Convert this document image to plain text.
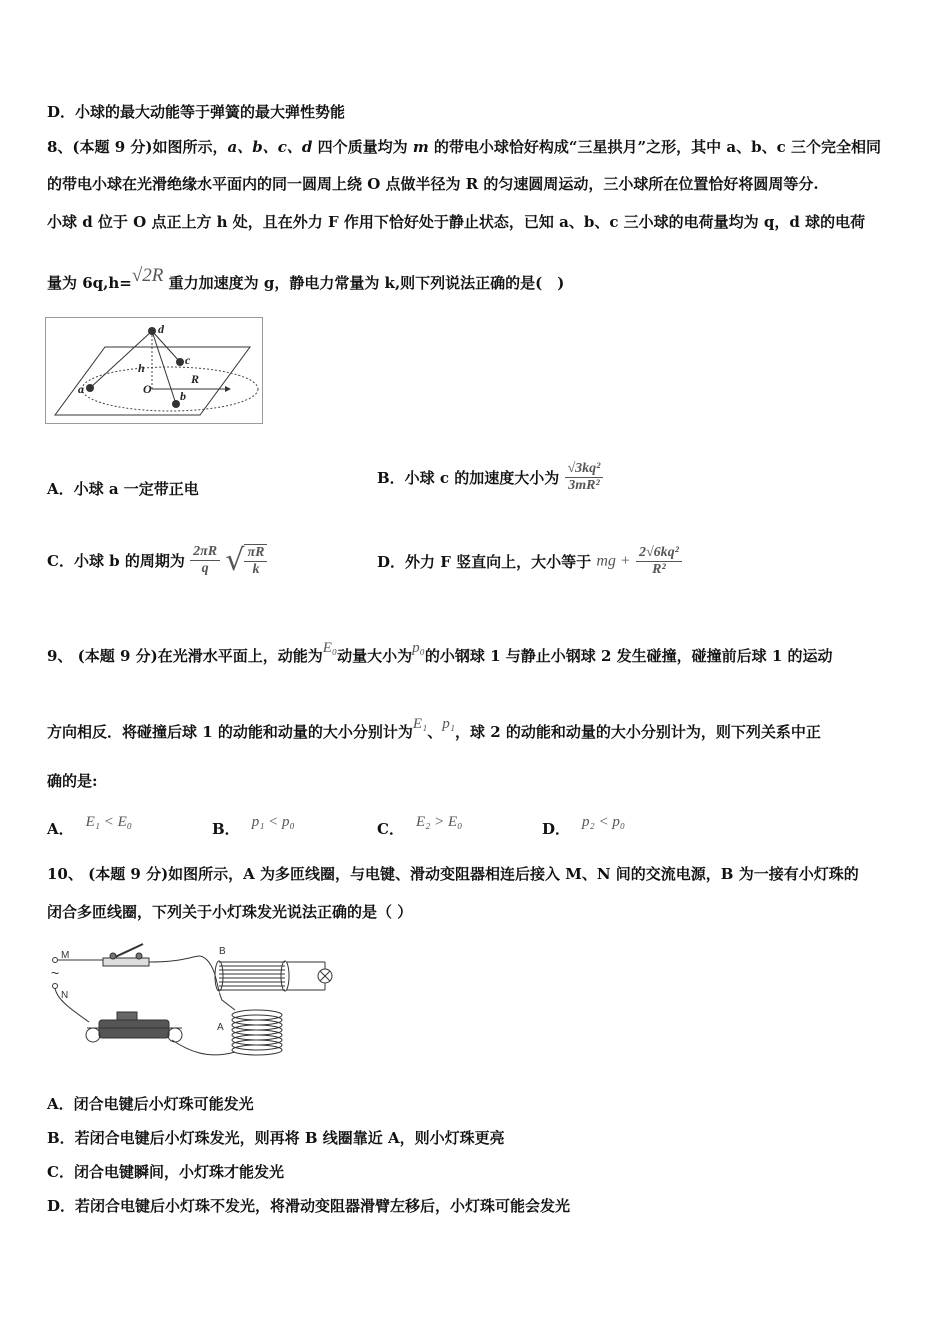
D．小球的最大动能等于弹簧的最大弹性势能
8、(本题 9 分)如图所示，a、b、c、d 四个质量均为 m 的带电小球恰好构成“三星拱月”之形，其中 a、b、c 三个完全相同
的带电小球在光滑绝缘水平面内的同一圆周上绕 O 点做半径为 R 的匀速圆周运动，三小球所在位置恰好将圆周等分.
小球 d 位于 O 点正上方 h 处，且在外力 F 作用下恰好处于静止状态，已知 a、b、c 三小球的电荷量均为 q，d 球的电荷
量为 6q,h=√2R 重力加速度为 g，静电力常量为 k,则下列说法正确的是(　)
d
c
a	b
h
O
R
A．小球 a 一定带正电
B．小球 c 的加速度大小为 $\frac{\text{√3kq²}}{\text{3mR²}}$
C．小球 b 的周期为 $\frac{2\pi R}{q}$ √ $\frac{\pi R}{k}$	D．外力 F 竖直向上，大小等于 mg + $\frac{\text{2√6kq²}}{\text{R²}}$
9、 (本题 9 分)在光滑水平面上，动能为E₀动量大小为p₀的小钢球 1 与静止小钢球 2 发生碰撞，碰撞前后球 1 的运动
方向相反．将碰撞后球 1 的动能和动量的大小分别计为E₁、p₁，球 2 的动能和动量的大小分别计为，则下列关系中正
确的是:
A． E₁ < E₀	B． p₁ < p₀	C． E₂ > E₀	D． p₂ < p₀
10、 (本题 9 分)如图所示，A 为多匝线圈，与电键、滑动变阻器相连后接入 M、N 间的交流电源，B 为一接有小灯珠的
闭合多匝线圈，下列关于小灯珠发光说法正确的是（ ）
M
~
N
A
B
A．闭合电键后小灯珠可能发光
B．若闭合电键后小灯珠发光，则再将 B 线圈靠近 A，则小灯珠更亮
C．闭合电键瞬间，小灯珠才能发光
D．若闭合电键后小灯珠不发光，将滑动变阻器滑臂左移后，小灯珠可能会发光
